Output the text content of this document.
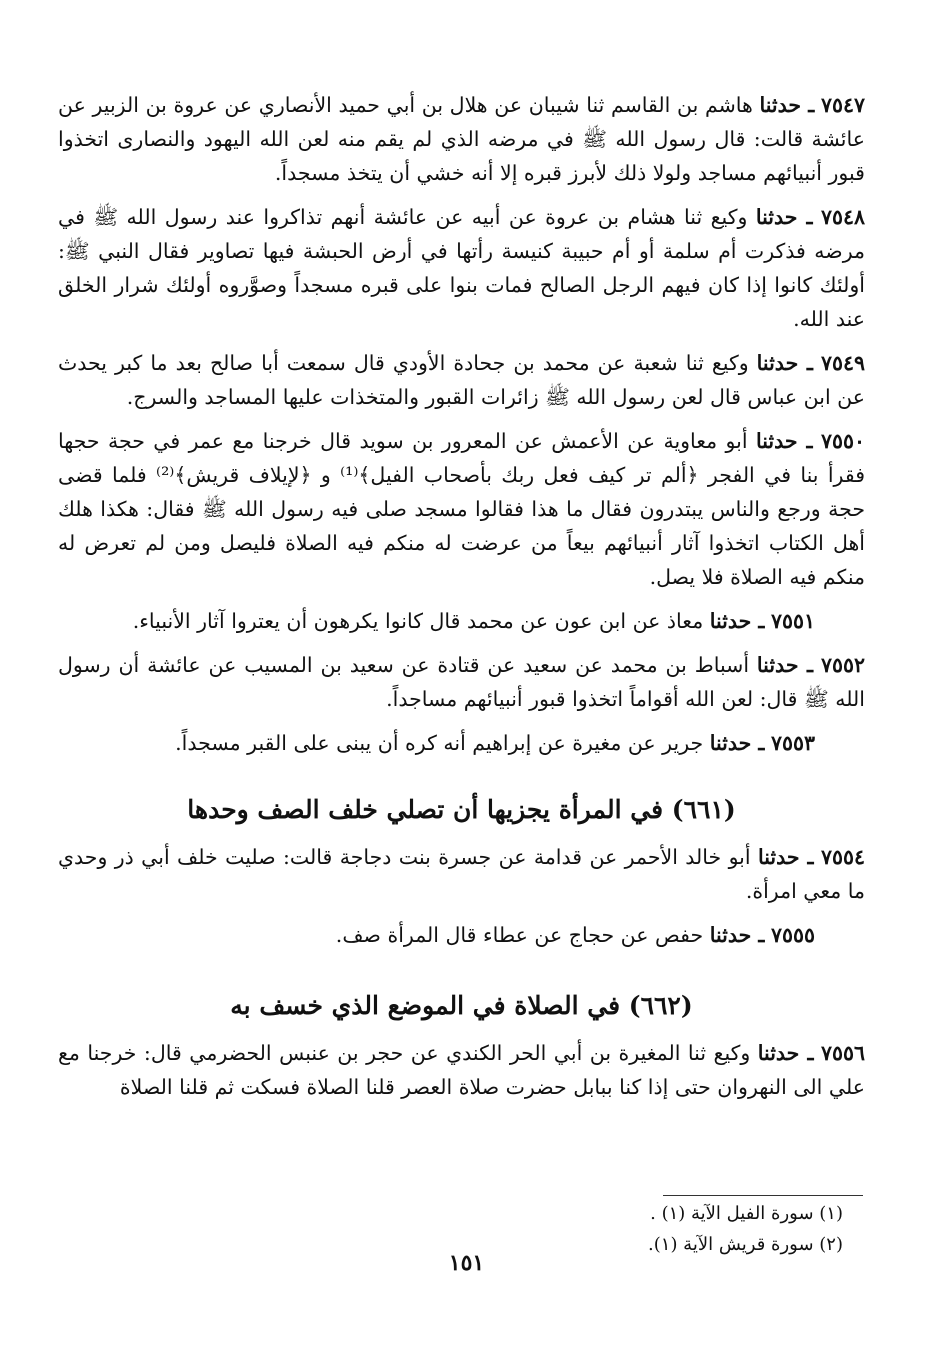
٧٥٤٧ ـ حدثنا هاشم بن القاسم ثنا شيبان عن هلال بن أبي حميد الأنصاري عن عروة بن الزبير عن عائشة قالت: قال رسول الله ﷺ في مرضه الذي لم يقم منه لعن الله اليهود والنصارى اتخذوا قبور أنبيائهم مساجد ولولا ذلك لأبرز قبره إلا أنه خشي أن يتخذ مسجداً.

٧٥٤٨ ـ حدثنا وكيع ثنا هشام بن عروة عن أبيه عن عائشة أنهم تذاكروا عند رسول الله ﷺ في مرضه فذكرت أم سلمة أو أم حبيبة كنيسة رأتها في أرض الحبشة فيها تصاوير فقال النبي ﷺ: أولئك كانوا إذا كان فيهم الرجل الصالح فمات بنوا على قبره مسجداً وصوَّروه أولئك شرار الخلق عند الله.

٧٥٤٩ ـ حدثنا وكيع ثنا شعبة عن محمد بن جحادة الأودي قال سمعت أبا صالح بعد ما كبر يحدث عن ابن عباس قال لعن رسول الله ﷺ زائرات القبور والمتخذات عليها المساجد والسرج.

٧٥٥٠ ـ حدثنا أبو معاوية عن الأعمش عن المعرور بن سويد قال خرجنا مع عمر في حجة حجها فقرأ بنا في الفجر ﴿ألم تر كيف فعل ربك بأصحاب الفيل﴾⁽¹⁾ و ﴿لإيلاف قريش﴾⁽²⁾ فلما قضى حجة ورجع والناس يبتدرون فقال ما هذا فقالوا مسجد صلى فيه رسول الله ﷺ فقال: هكذا هلك أهل الكتاب اتخذوا آثار أنبيائهم بيعاً من عرضت له منكم فيه الصلاة فليصل ومن لم تعرض له منكم فيه الصلاة فلا يصل.

٧٥٥١ ـ حدثنا معاذ عن ابن عون عن محمد قال كانوا يكرهون أن يعتروا آثار الأنبياء.

٧٥٥٢ ـ حدثنا أسباط بن محمد عن سعيد عن قتادة عن سعيد بن المسيب عن عائشة أن رسول الله ﷺ قال: لعن الله أقواماً اتخذوا قبور أنبيائهم مساجداً.

٧٥٥٣ ـ حدثنا جرير عن مغيرة عن إبراهيم أنه كره أن يبنى على القبر مسجداً.

(٦٦١) في المرأة يجزيها أن تصلي خلف الصف وحدها

٧٥٥٤ ـ حدثنا أبو خالد الأحمر عن قدامة عن جسرة بنت دجاجة قالت: صليت خلف أبي ذر وحدي ما معي امرأة.

٧٥٥٥ ـ حدثنا حفص عن حجاج عن عطاء قال المرأة صف.

(٦٦٢) في الصلاة في الموضع الذي خسف به

٧٥٥٦ ـ حدثنا وكيع ثنا المغيرة بن أبي الحر الكندي عن حجر بن عنبس الحضرمي قال: خرجنا مع علي الى النهروان حتى إذا كنا ببابل حضرت صلاة العصر قلنا الصلاة فسكت ثم قلنا الصلاة

(١) سورة الفيل الآية (١) .
(٢) سورة قريش الآية (١).
١٥١
